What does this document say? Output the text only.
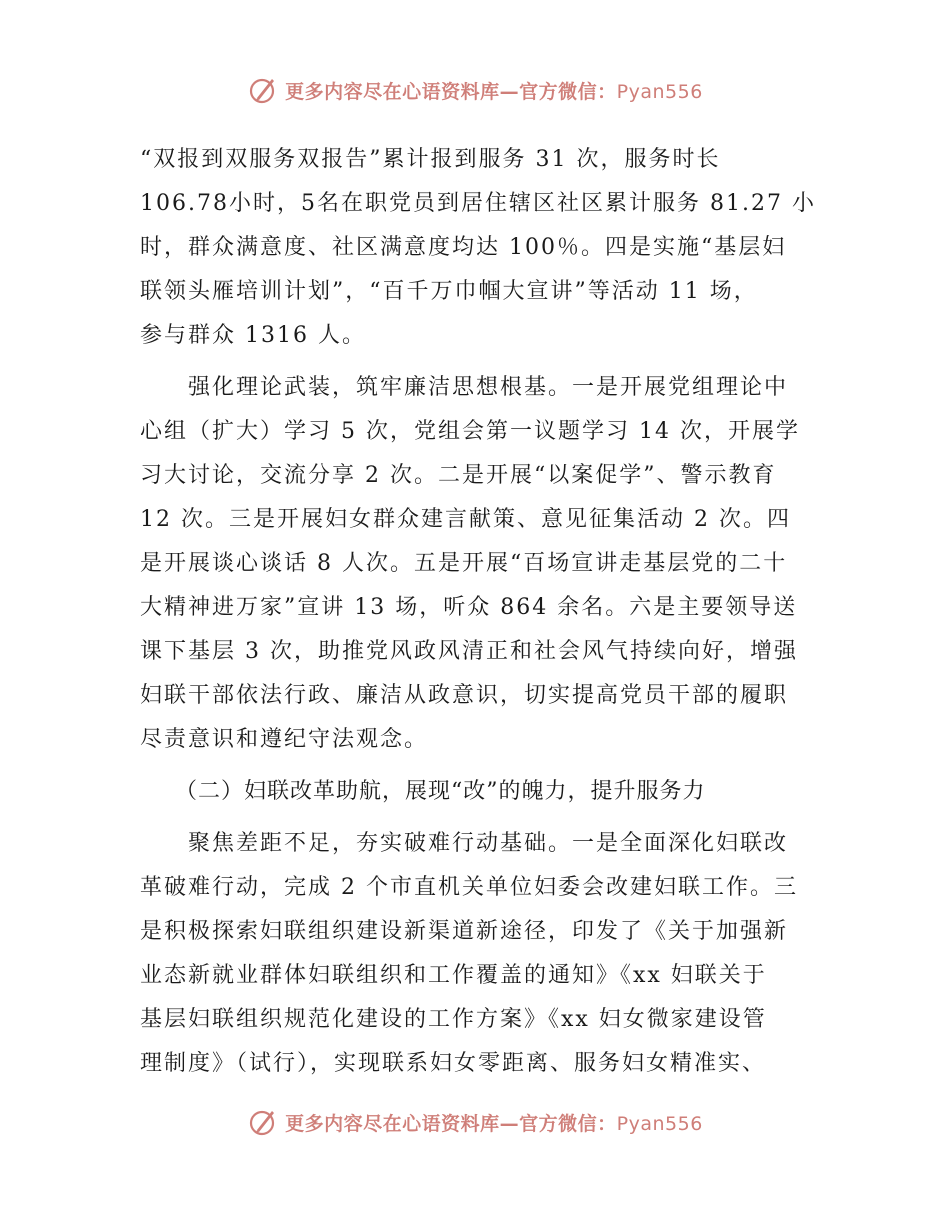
更多内容尽在心语资料库—官方微信：Pyan556
“双报到双服务双报告”累计报到服务 31 次，服务时长
106.78小时，5名在职党员到居住辖区社区累计服务 81.27 小
时，群众满意度、社区满意度均达 100％。四是实施“基层妇
联领头雁培训计划”，“百千万巾帼大宣讲”等活动 11 场，
参与群众 1316 人。
　　强化理论武装，筑牢廉洁思想根基。一是开展党组理论中
心组（扩大）学习 5 次，党组会第一议题学习 14 次，开展学
习大讨论，交流分享 2 次。二是开展“以案促学”、警示教育
12 次。三是开展妇女群众建言献策、意见征集活动 2 次。四
是开展谈心谈话 8 人次。五是开展“百场宣讲走基层党的二十
大精神进万家”宣讲 13 场，听众 864 余名。六是主要领导送
课下基层 3 次，助推党风政风清正和社会风气持续向好，增强
妇联干部依法行政、廉洁从政意识，切实提高党员干部的履职
尽责意识和遵纪守法观念。
　　（二）妇联改革助航，展现“改”的魄力，提升服务力
　　聚焦差距不足，夯实破难行动基础。一是全面深化妇联改
革破难行动，完成 2 个市直机关单位妇委会改建妇联工作。三
是积极探索妇联组织建设新渠道新途径，印发了《关于加强新
业态新就业群体妇联组织和工作覆盖的通知》《xx 妇联关于
基层妇联组织规范化建设的工作方案》《xx 妇女微家建设管
理制度》（试行），实现联系妇女零距离、服务妇女精准实、
更多内容尽在心语资料库—官方微信：Pyan556
